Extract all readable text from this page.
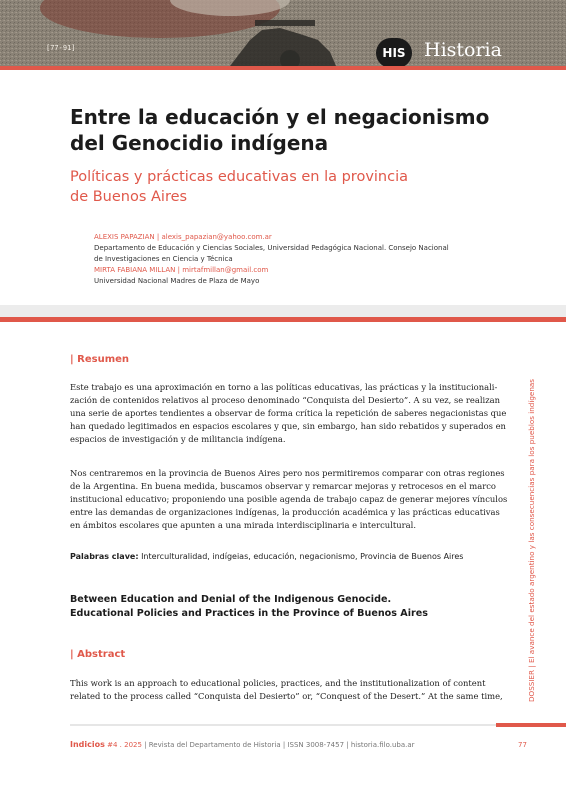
[77-91]	HIS Historia
Entre la educación y el negacionismo
del Genocidio indígena
Políticas y prácticas educativas en la provincia
de Buenos Aires
ALEXIS PAPAZIAN | alexis_papazian@yahoo.com.ar
Departamento de Educación y Ciencias Sociales, Universidad Pedagógica Nacional. Consejo Nacional
de Investigaciones en Ciencia y Técnica
MIRTA FABIANA MILLAN | mirtafmillan@gmail.com
Universidad Nacional Madres de Plaza de Mayo
| Resumen
Este trabajo es una aproximación en torno a las políticas educativas, las prácticas y la institucionali-
zación de contenidos relativos al proceso denominado “Conquista del Desierto”. A su vez, se realizan
una serie de aportes tendientes a observar de forma crítica la repetición de saberes negacionistas que
han quedado legitimados en espacios escolares y que, sin embargo, han sido rebatidos y superados en
espacios de investigación y de militancia indígena.
Nos centraremos en la provincia de Buenos Aires pero nos permitiremos comparar con otras regiones
de la Argentina. En buena medida, buscamos observar y remarcar mejoras y retrocesos en el marco
institucional educativo; proponiendo una posible agenda de trabajo capaz de generar mejores vínculos
entre las demandas de organizaciones indígenas, la producción académica y las prácticas educativas
en ámbitos escolares que apunten a una mirada interdisciplinaria e intercultural.
Palabras clave: Interculturalidad, indígeias, educación, negacionismo, Provincia de Buenos Aires
Between Education and Denial of the Indigenous Genocide.
Educational Policies and Practices in the Province of Buenos Aires
| Abstract
This work is an approach to educational policies, practices, and the institutionalization of content
related to the process called “Conquista del Desierto” or, “Conquest of the Desert.” At the same time,	DOSSIER | El avance del estado argentino y las consecuencias para los pueblos indígenas
Indicios #4 . 2025 | Revista del Departamento de Historia | ISSN 3008-7457 | historia.filo.uba.ar	77
